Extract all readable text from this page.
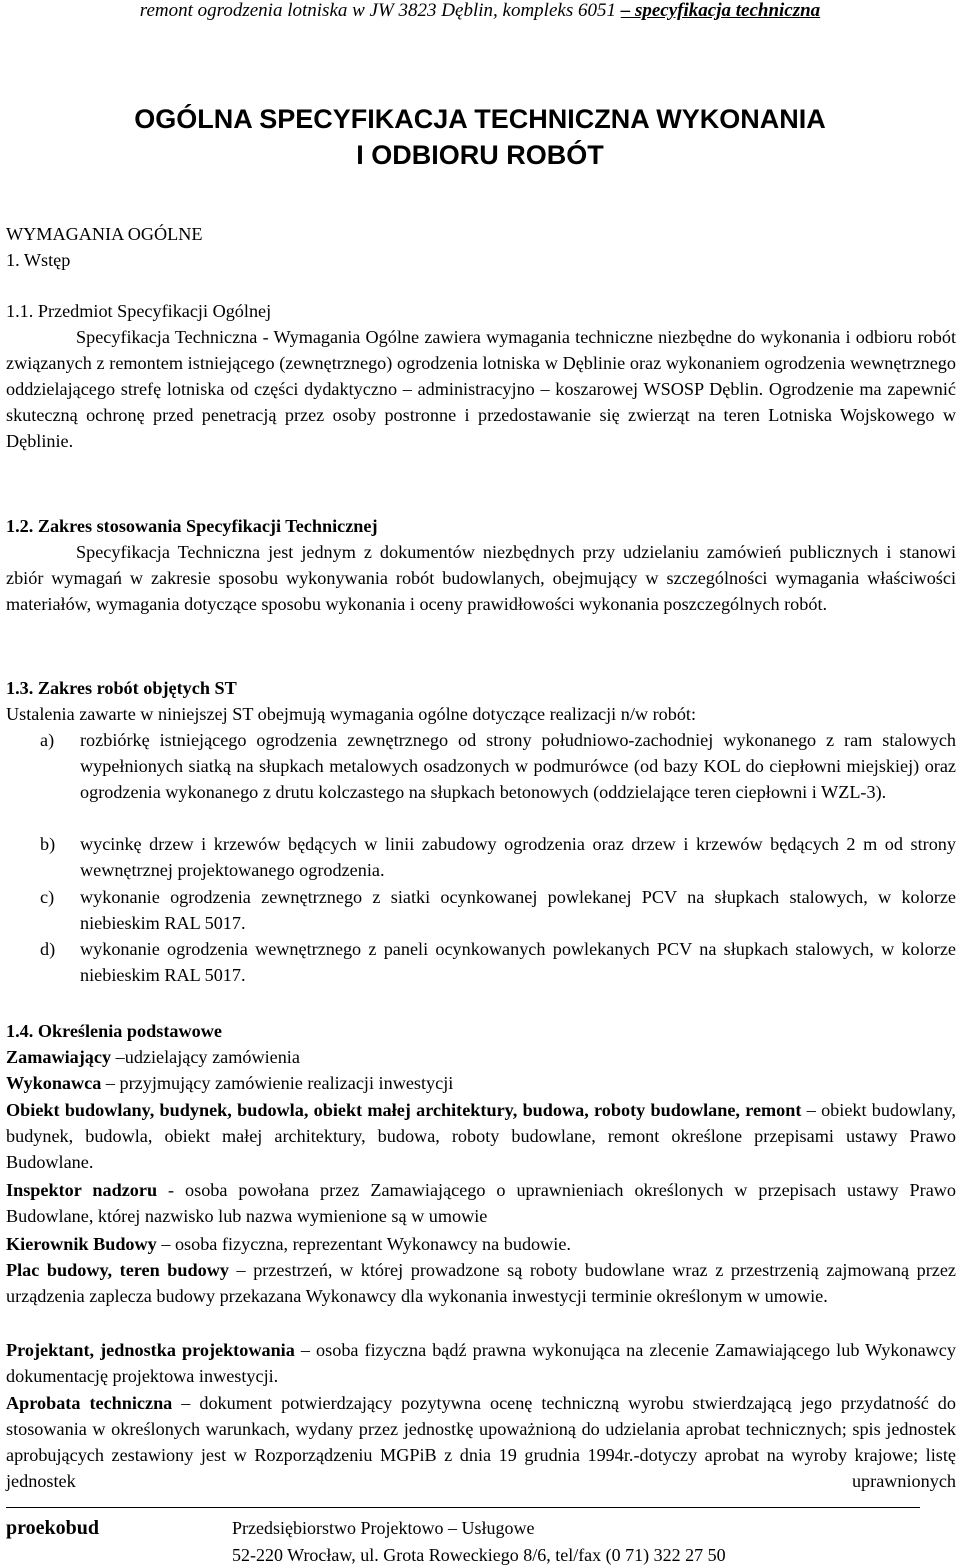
remont ogrodzenia lotniska w JW 3823 Dęblin, kompleks 6051 – specyfikacja techniczna
OGÓLNA SPECYFIKACJA TECHNICZNA WYKONANIA
I ODBIORU ROBÓT
WYMAGANIA OGÓLNE
1. Wstęp
1.1. Przedmiot Specyfikacji Ogólnej
Specyfikacja Techniczna - Wymagania Ogólne zawiera wymagania techniczne niezbędne do wykonania i odbioru robót związanych z remontem istniejącego (zewnętrznego) ogrodzenia lotniska w Dęblinie oraz wykonaniem ogrodzenia wewnętrznego oddzielającego strefę lotniska od części dydaktyczno – administracyjno – koszarowej WSOSP Dęblin. Ogrodzenie ma zapewnić skuteczną ochronę przed penetracją przez osoby postronne i przedostawanie się zwierząt na teren Lotniska Wojskowego w Dęblinie.
1.2. Zakres stosowania Specyfikacji Technicznej
Specyfikacja Techniczna jest jednym z dokumentów niezbędnych przy udzielaniu zamówień publicznych i stanowi zbiór wymagań w zakresie sposobu wykonywania robót budowlanych, obejmujący w szczególności wymagania właściwości materiałów, wymagania dotyczące sposobu wykonania i oceny prawidłowości wykonania poszczególnych robót.
1.3. Zakres robót objętych ST
Ustalenia zawarte w niniejszej ST obejmują wymagania ogólne dotyczące realizacji n/w robót:
a) rozbiórkę istniejącego ogrodzenia zewnętrznego od strony południowo-zachodniej wykonanego z ram stalowych wypełnionych siatką na słupkach metalowych osadzonych w podmurówce (od bazy KOL do ciepłowni miejskiej) oraz ogrodzenia wykonanego z drutu kolczastego na słupkach betonowych (oddzielające teren ciepłowni i WZL-3).
b) wycinkę drzew i krzewów będących w linii zabudowy ogrodzenia oraz drzew i krzewów będących 2 m od strony wewnętrznej projektowanego ogrodzenia.
c) wykonanie ogrodzenia zewnętrznego z siatki ocynkowanej powlekanej PCV na słupkach stalowych, w kolorze niebieskim RAL 5017.
d) wykonanie ogrodzenia wewnętrznego z paneli ocynkowanych powlekanych PCV na słupkach stalowych, w kolorze niebieskim RAL 5017.
1.4. Określenia podstawowe
Zamawiający –udzielający zamówienia
Wykonawca – przyjmujący zamówienie realizacji inwestycji
Obiekt budowlany, budynek, budowla, obiekt małej architektury, budowa, roboty budowlane, remont – obiekt budowlany, budynek, budowla, obiekt małej architektury, budowa, roboty budowlane, remont określone przepisami ustawy Prawo Budowlane.
Inspektor nadzoru - osoba powołana przez Zamawiającego o uprawnieniach określonych w przepisach ustawy Prawo Budowlane, której nazwisko lub nazwa wymienione są w umowie
Kierownik Budowy – osoba fizyczna, reprezentant Wykonawcy na budowie.
Plac budowy, teren budowy – przestrzeń, w której prowadzone są roboty budowlane wraz z przestrzenią zajmowaną przez urządzenia zaplecza budowy przekazana Wykonawcy dla wykonania inwestycji terminie określonym w umowie.
Projektant, jednostka projektowania – osoba fizyczna bądź prawna wykonująca na zlecenie Zamawiającego lub Wykonawcy dokumentację projektowa inwestycji.
Aprobata techniczna – dokument potwierdzający pozytywna ocenę techniczną wyrobu stwierdzającą jego przydatność do stosowania w określonych warunkach, wydany przez jednostkę upoważnioną do udzielania aprobat technicznych; spis jednostek aprobujących zestawiony jest w Rozporządzeniu MGPiB z dnia 19 grudnia 1994r.-dotyczy aprobat na wyroby krajowe; listę jednostek uprawnionych
proekobud	Przedsiębiorstwo Projektowo – Usługowe
52-220 Wrocław, ul. Grota Roweckiego 8/6, tel/fax (0 71) 322 27 50
